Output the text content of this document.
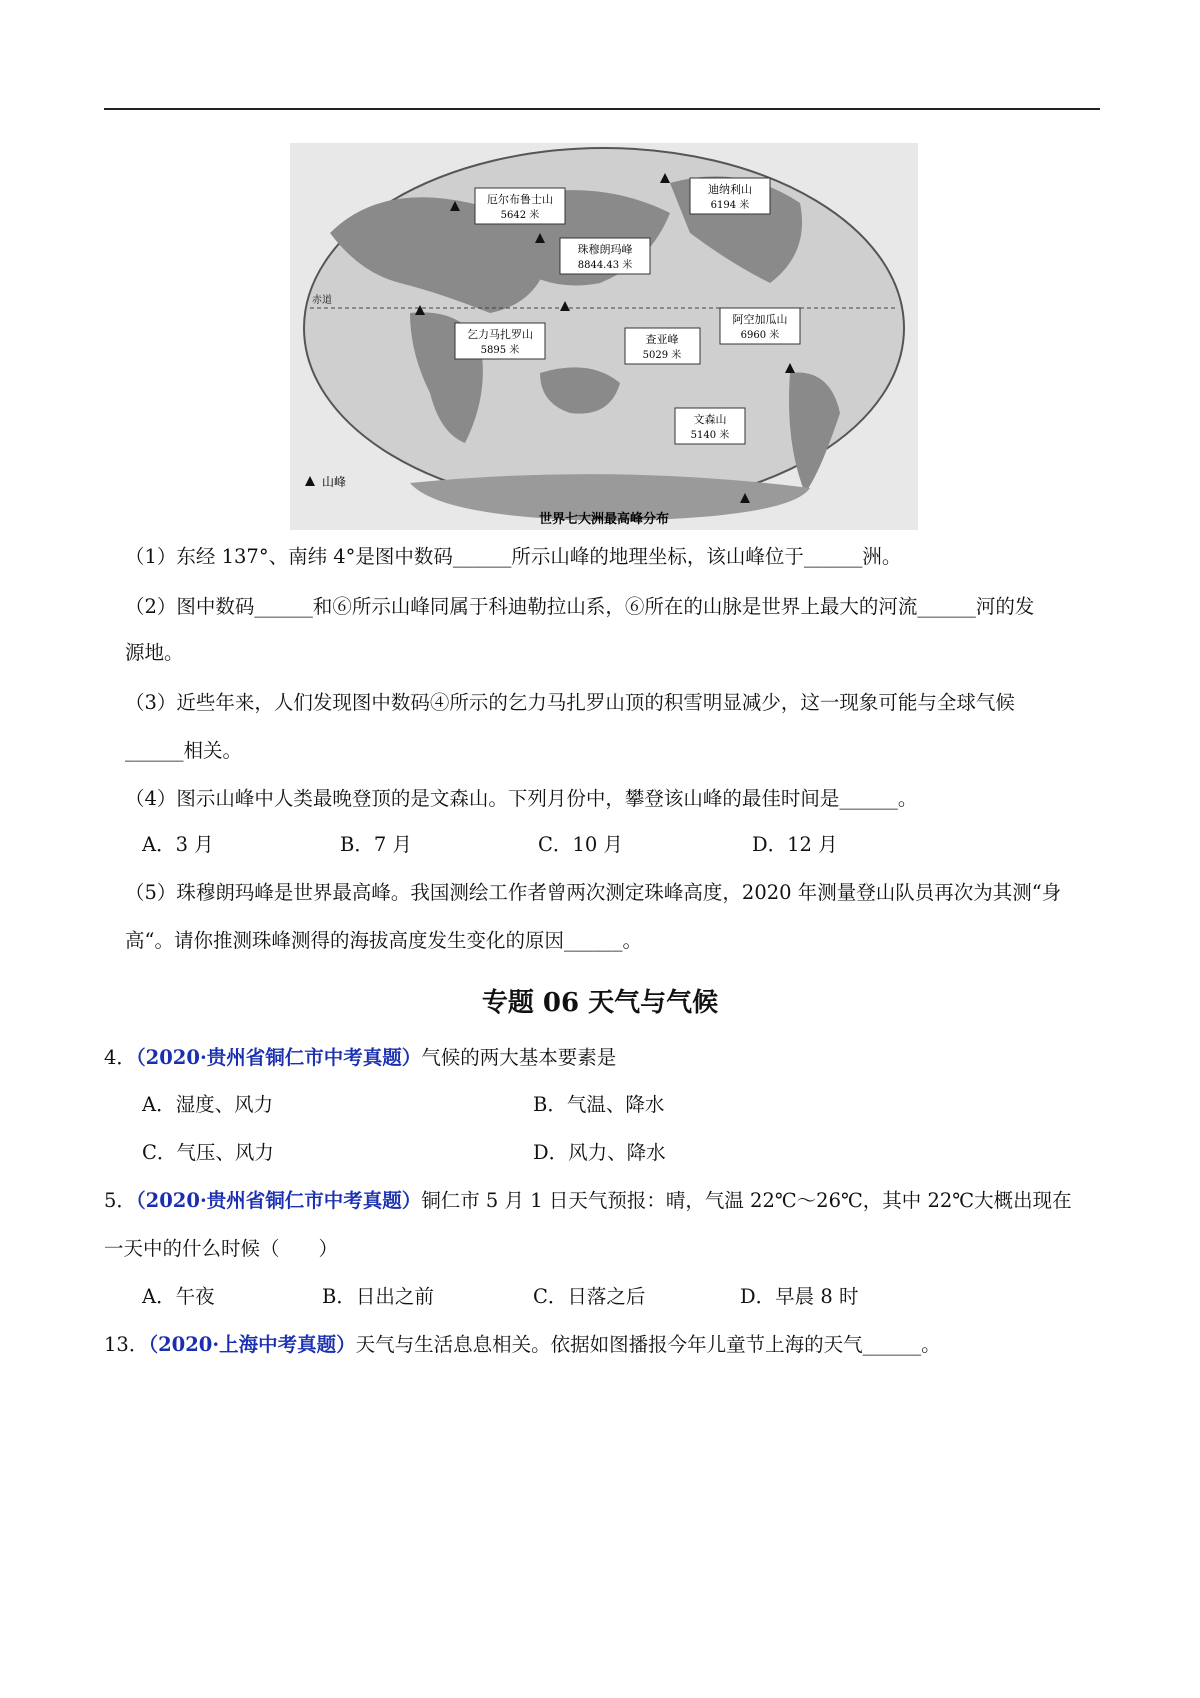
赤道
厄尔布鲁士山
5642 米
迪纳利山
6194 米
珠穆朗玛峰
8844.43 米
乞力马扎罗山
5895 米
查亚峰
5029 米
阿空加瓜山
6960 米
文森山
5140 米
山峰
世界七大洲最高峰分布
（1）东经 137°、南纬 4°是图中数码______所示山峰的地理坐标，该山峰位于______洲。
（2）图中数码______和⑥所示山峰同属于科迪勒拉山系，⑥所在的山脉是世界上最大的河流______河的发
源地。
（3）近些年来，人们发现图中数码④所示的乞力马扎罗山顶的积雪明显减少，这一现象可能与全球气候
______相关。
（4）图示山峰中人类最晚登顶的是文森山。下列月份中，攀登该山峰的最佳时间是______。
A．3 月	B．7 月	C．10 月	D．12 月
（5）珠穆朗玛峰是世界最高峰。我国测绘工作者曾两次测定珠峰高度，2020 年测量登山队员再次为其测“身
高“。请你推测珠峰测得的海拔高度发生变化的原因______。
专题 06 天气与气候
4．（2020·贵州省铜仁市中考真题）气候的两大基本要素是
A．湿度、风力	B．气温、降水
C．气压、风力	D．风力、降水
5．（2020·贵州省铜仁市中考真题）铜仁市 5 月 1 日天气预报：晴，气温 22℃～26℃，其中 22℃大概出现在
一天中的什么时候（　　）
A．午夜	B．日出之前	C．日落之后	D．早晨 8 时
13．（2020·上海中考真题）天气与生活息息相关。依据如图播报今年儿童节上海的天气______。
